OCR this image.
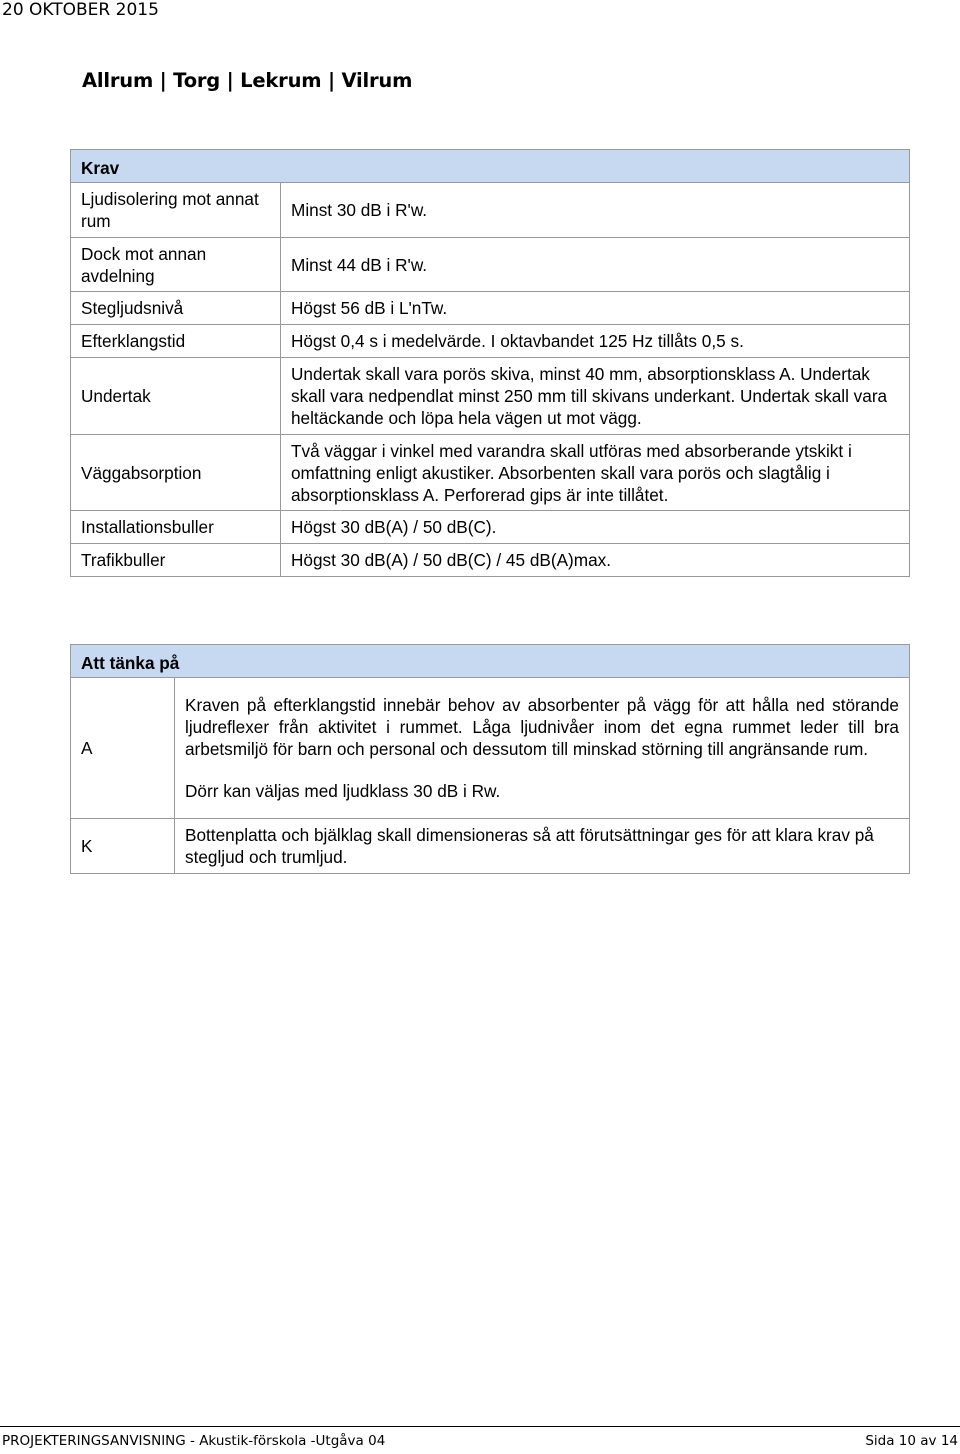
20 OKTOBER 2015
Allrum | Torg | Lekrum | Vilrum
Krav	
Ljudisolering mot annat rum	Minst 30 dB i R'w.
Dock mot annan avdelning	Minst 44 dB i R'w.
Stegljudsnivå	Högst 56 dB i L'nTw.
Efterklangstid	Högst 0,4 s i medelvärde. I oktavbandet 125 Hz tillåts 0,5 s.
Undertak	Undertak skall vara porös skiva, minst 40 mm, absorptionsklass A. Undertak skall vara nedpendlat minst 250 mm till skivans underkant. Undertak skall vara heltäckande och löpa hela vägen ut mot vägg.
Väggabsorption	Två väggar i vinkel med varandra skall utföras med absorberande ytskikt i omfattning enligt akustiker. Absorbenten skall vara porös och slagtålig i absorptionsklass A. Perforerad gips är inte tillåtet.
Installationsbuller	Högst 30 dB(A) / 50 dB(C).
Trafikbuller	Högst 30 dB(A) / 50 dB(C) / 45 dB(A)max.
Att tänka på	
A	Kraven på efterklangstid innebär behov av absorbenter på vägg för att hålla ned störande ljudreflexer från aktivitet i rummet. Låga ljudnivåer inom det egna rummet leder till bra arbetsmiljö för barn och personal och dessutom till minskad störning till angränsande rum.
Dörr kan väljas med ljudklass 30 dB i Rw.

K	Bottenplatta och bjälklag skall dimensioneras så att förutsättningar ges för att klara krav på stegljud och trumljud.
PROJEKTERINGSANVISNING - Akustik-förskola -Utgåva 04	Sida 10 av 14
